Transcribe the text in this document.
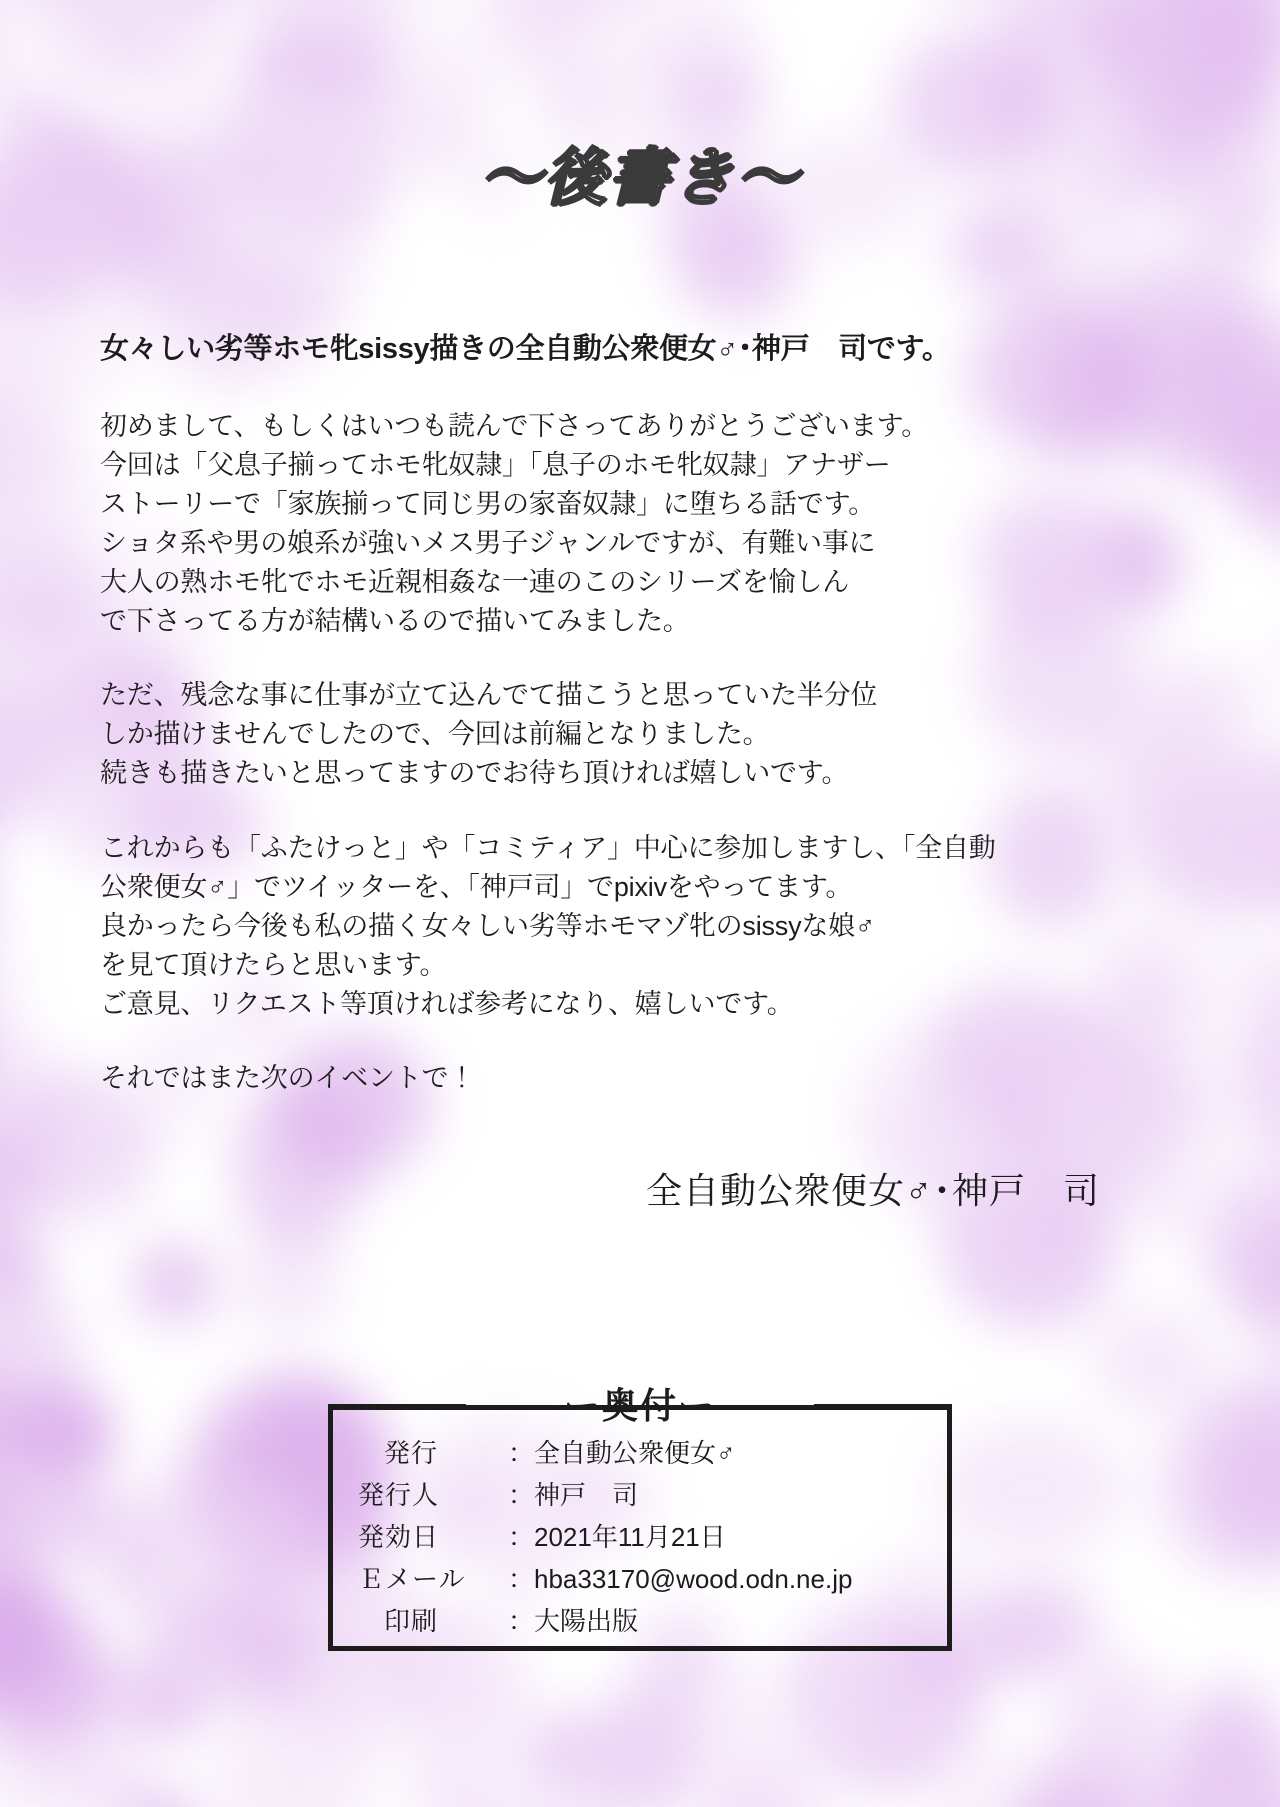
～後書き～

女々しい劣等ホモ牝sissy描きの全自動公衆便女♂･神戸　司です。

初めまして、もしくはいつも読んで下さってありがとうございます。
今回は「父息子揃ってホモ牝奴隷」「息子のホモ牝奴隷」アナザー
ストーリーで「家族揃って同じ男の家畜奴隷」に堕ちる話です。
ショタ系や男の娘系が強いメス男子ジャンルですが、有難い事に
大人の熟ホモ牝でホモ近親相姦な一連のこのシリーズを愉しん
で下さってる方が結構いるので描いてみました。

ただ、残念な事に仕事が立て込んでて描こうと思っていた半分位
しか描けませんでしたので、今回は前編となりました。
続きも描きたいと思ってますのでお待ち頂ければ嬉しいです。

これからも「ふたけっと」や「コミティア」中心に参加しますし、「全自動
公衆便女♂」でツイッターを、「神戸司」でpixivをやってます。
良かったら今後も私の描く女々しい劣等ホモマゾ牝のsissyな娘♂
を見て頂けたらと思います。
ご意見、リクエスト等頂ければ参考になり、嬉しいです。

それではまた次のイベントで！

全自動公衆便女♂･神戸　司
ー奥付ー
発行	： 全自動公衆便女♂
発行人	： 神戸　司
発効日	： 2021年11月21日
Ｅメール	： hba33170@wood.odn.ne.jp
印刷	： 大陽出版
